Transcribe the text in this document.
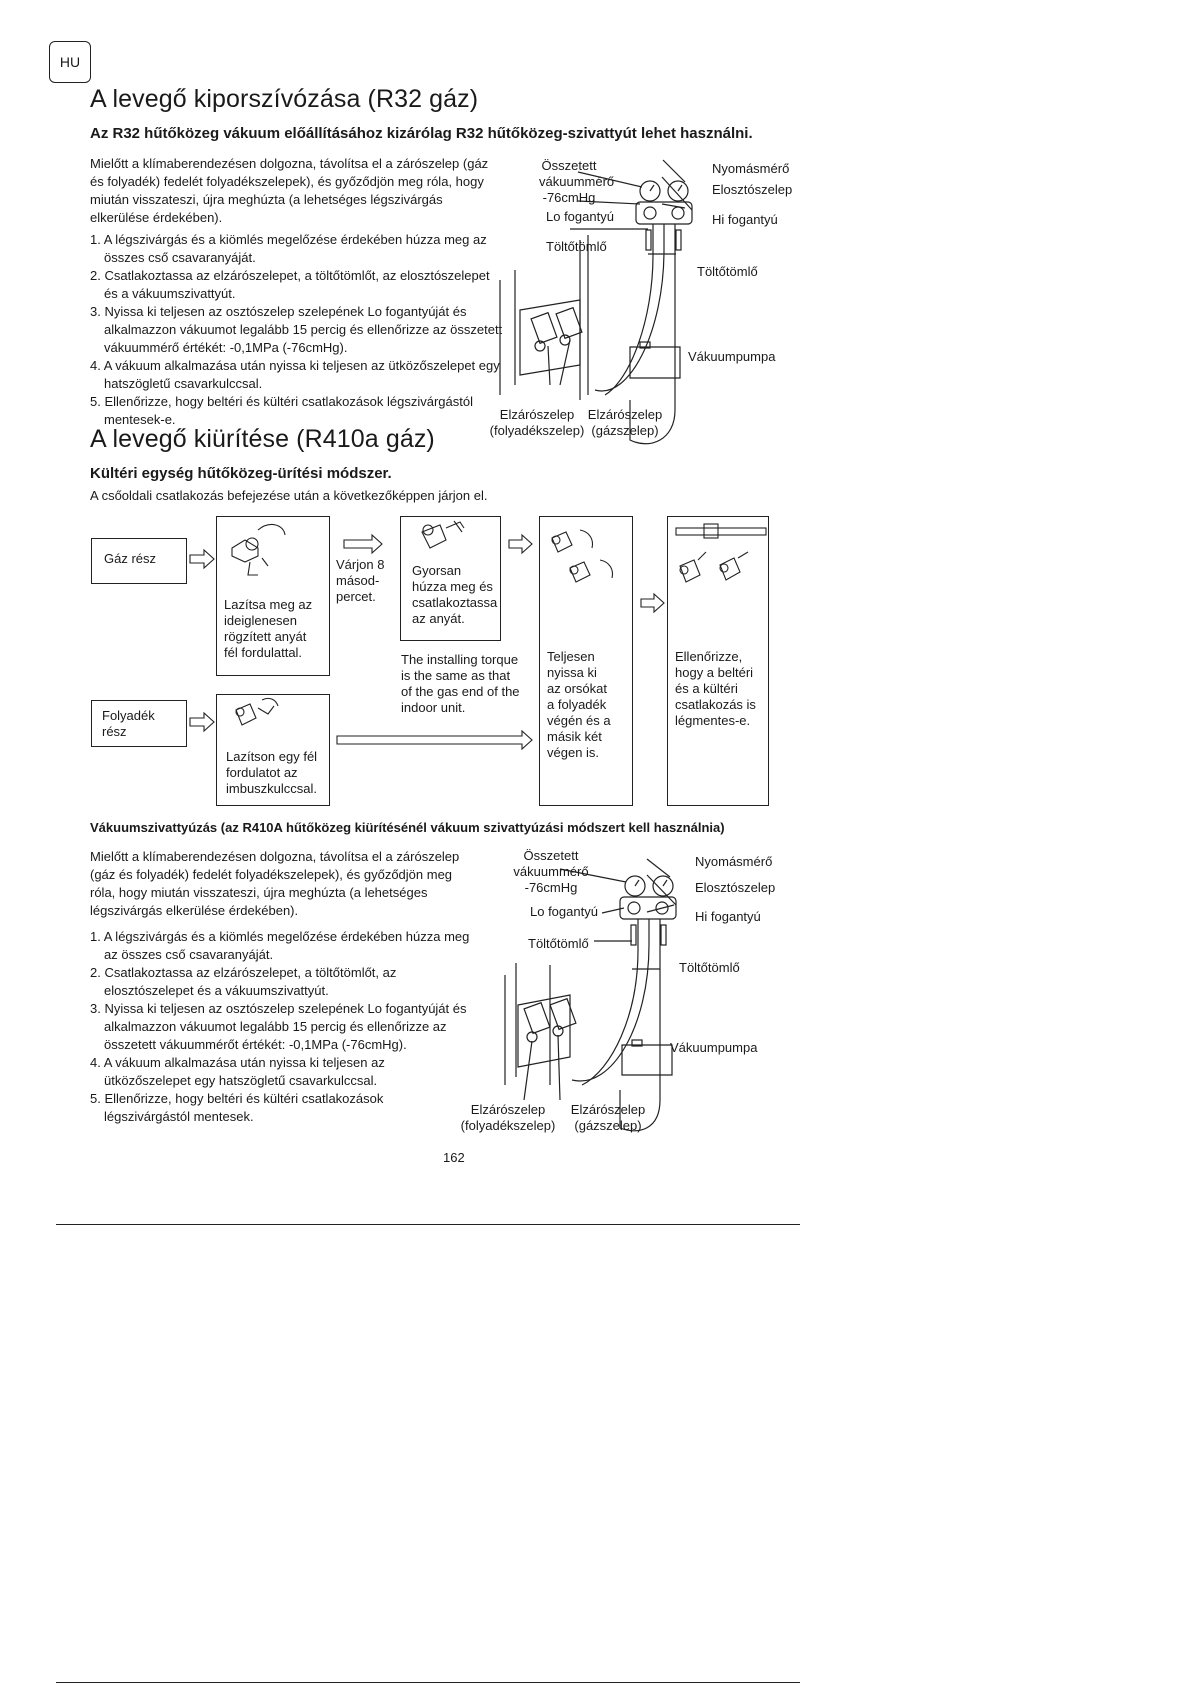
HU
A levegő kiporszívózása (R32 gáz)
Az R32 hűtőközeg vákuum előállításához kizárólag R32 hűtőközeg-szivattyút lehet használni.
Mielőtt a klímaberendezésen dolgozna, távolítsa el a zárószelep (gáz és folyadék) fedelét folyadékszelepek), és győződjön meg róla, hogy miután visszateszi, újra meghúzta (a lehetséges légszivárgás elkerülése érdekében).
1. A légszivárgás és a kiömlés megelőzése érdekében húzza meg az összes cső csavaranyáját.
2. Csatlakoztassa az elzárószelepet, a töltőtömlőt, az elosztószelepet és a vákuumszivattyút.
3. Nyissa ki teljesen az osztószelep szelepének Lo fogantyúját és alkalmazzon vákuumot legalább 15 percig és ellenőrizze az összetett vákuummérő értékét: -0,1MPa (-76cmHg).
4. A vákuum alkalmazása után nyissa ki teljesen az ütközőszelepet egy hatszögletű csavarkulccsal.
5. Ellenőrizze, hogy beltéri és kültéri csatlakozások légszivárgástól mentesek-e.
Összetett
vákuummérő
-76cmHg
Nyomásmérő
Elosztószelep
Lo fogantyú	Hi fogantyú
Töltőtömlő
Töltőtömlő
Vákuumpumpa
Elzárószelep
(folyadékszelep)
Elzárószelep
(gázszelep)
A levegő kiürítése (R410a gáz)
Kültéri egység hűtőközeg-ürítési módszer.
A csőoldali csatlakozás befejezése után a következőképpen járjon el.
Gáz rész
Folyadék
rész
Lazítsa meg az
ideiglenesen
rögzített anyát
fél fordulattal.
Gyorsan
húzza meg és
csatlakoztassa
az anyát.
Teljesen
nyissa ki
az orsókat
a folyadék
végén és a
másik két
végen is.
Ellenőrizze,
hogy a beltéri
és a kültéri
csatlakozás is
légmentes-e.
Lazítson egy fél
fordulatot az
imbuszkulccsal.
Várjon 8
másod-
percet.
The installing torque
is the same as that
of the gas end of the
indoor unit.
Vákuumszivattyúzás (az R410A hűtőközeg kiürítésénél vákuum szivattyúzási módszert kell használnia)
Mielőtt a klímaberendezésen dolgozna, távolítsa el a zárószelep (gáz és folyadék) fedelét folyadékszelepek), és győződjön meg róla, hogy miután visszateszi, újra meghúzta (a lehetséges légszivárgás elkerülése érdekében).
1. A légszivárgás és a kiömlés megelőzése érdekében húzza meg az összes cső csavaranyáját.
2. Csatlakoztassa az elzárószelepet, a töltőtömlőt, az elosztószelepet és a vákuumszivattyút.
3. Nyissa ki teljesen az osztószelep szelepének Lo fogantyúját és alkalmazzon vákuumot legalább 15 percig és ellenőrizze az összetett vákuummérőt értékét: -0,1MPa (-76cmHg).
4. A vákuum alkalmazása után nyissa ki teljesen az ütközőszelepet egy hatszögletű csavarkulccsal.
5. Ellenőrizze, hogy beltéri és kültéri csatlakozások légszivárgástól mentesek.
Összetett
vákuummérő
-76cmHg
Nyomásmérő
Elosztószelep
Lo fogantyú	Hi fogantyú
Töltőtömlő
Töltőtömlő
Vákuumpumpa
Elzárószelep
(folyadékszelep)
Elzárószelep
(gázszelep)
162
